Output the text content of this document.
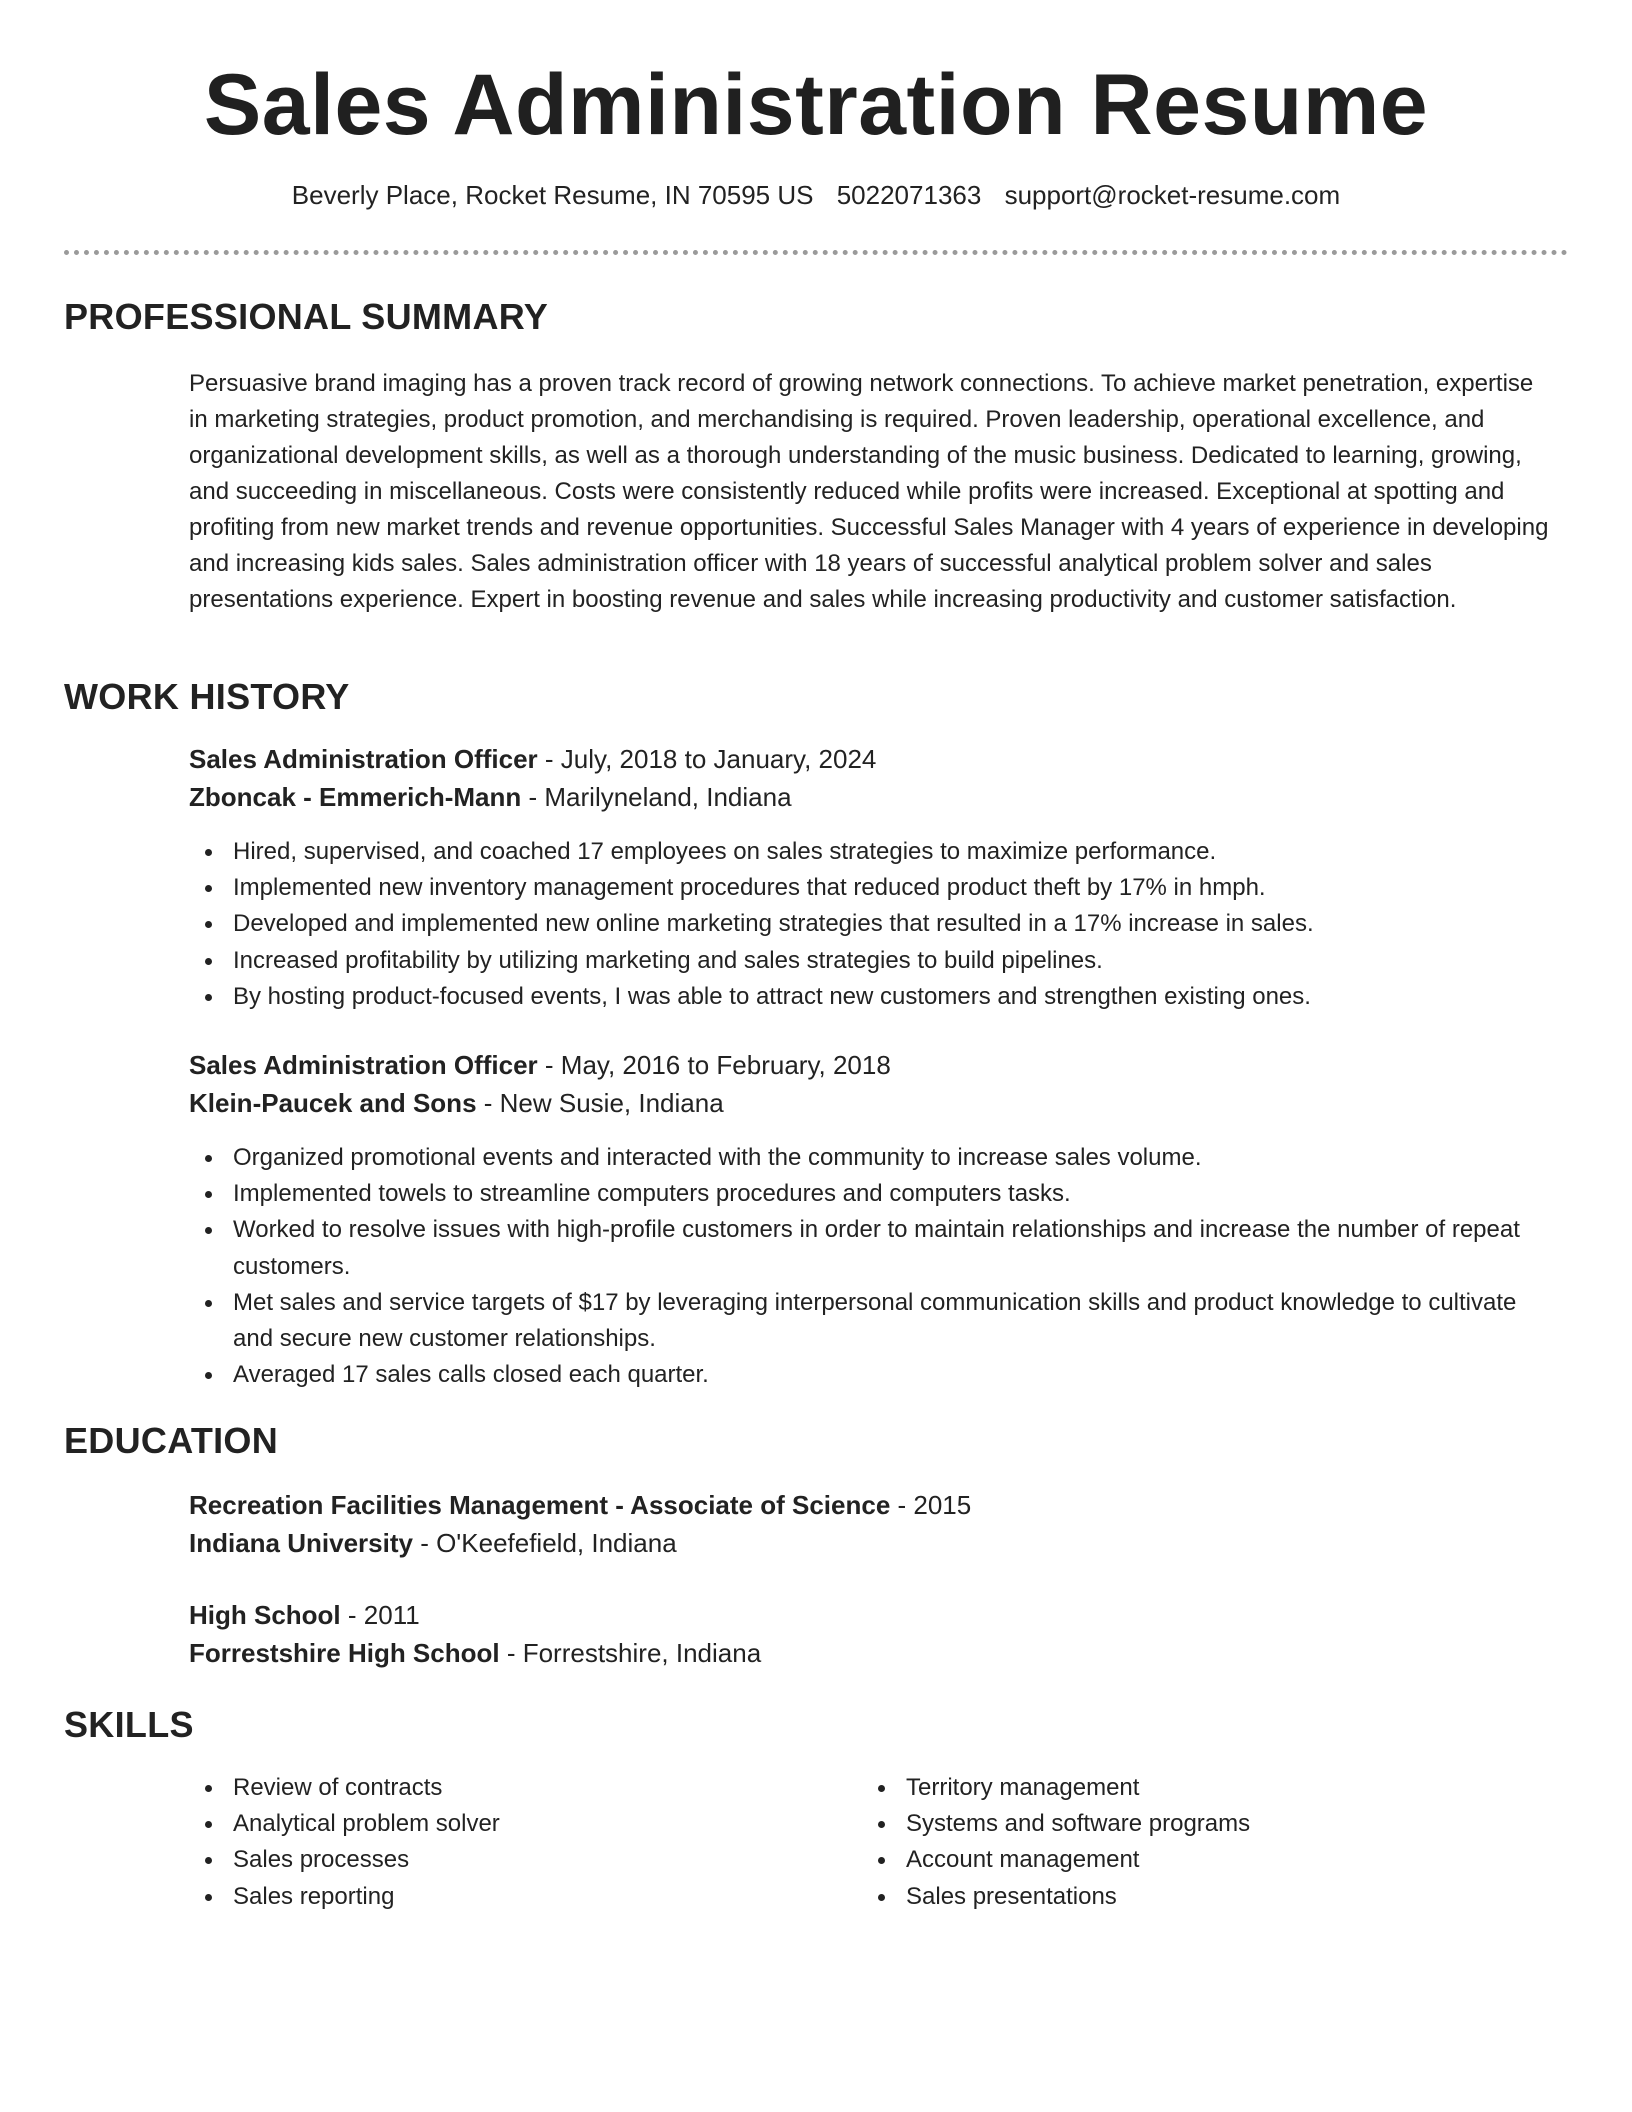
Sales Administration Resume
Beverly Place, Rocket Resume, IN 70595 US 5022071363 support@rocket-resume.com
PROFESSIONAL SUMMARY
Persuasive brand imaging has a proven track record of growing network connections. To achieve market penetration, expertise in marketing strategies, product promotion, and merchandising is required. Proven leadership, operational excellence, and organizational development skills, as well as a thorough understanding of the music business. Dedicated to learning, growing, and succeeding in miscellaneous. Costs were consistently reduced while profits were increased. Exceptional at spotting and profiting from new market trends and revenue opportunities. Successful Sales Manager with 4 years of experience in developing and increasing kids sales. Sales administration officer with 18 years of successful analytical problem solver and sales presentations experience. Expert in boosting revenue and sales while increasing productivity and customer satisfaction.
WORK HISTORY
Sales Administration Officer - July, 2018 to January, 2024
Zboncak - Emmerich-Mann - Marilyneland, Indiana
Hired, supervised, and coached 17 employees on sales strategies to maximize performance.
Implemented new inventory management procedures that reduced product theft by 17% in hmph.
Developed and implemented new online marketing strategies that resulted in a 17% increase in sales.
Increased profitability by utilizing marketing and sales strategies to build pipelines.
By hosting product-focused events, I was able to attract new customers and strengthen existing ones.
Sales Administration Officer - May, 2016 to February, 2018
Klein-Paucek and Sons - New Susie, Indiana
Organized promotional events and interacted with the community to increase sales volume.
Implemented towels to streamline computers procedures and computers tasks.
Worked to resolve issues with high-profile customers in order to maintain relationships and increase the number of repeat customers.
Met sales and service targets of $17 by leveraging interpersonal communication skills and product knowledge to cultivate and secure new customer relationships.
Averaged 17 sales calls closed each quarter.
EDUCATION
Recreation Facilities Management - Associate of Science - 2015
Indiana University - O'Keefefield, Indiana
High School - 2011
Forrestshire High School - Forrestshire, Indiana
SKILLS
Review of contracts
Analytical problem solver
Sales processes
Sales reporting
Territory management
Systems and software programs
Account management
Sales presentations
